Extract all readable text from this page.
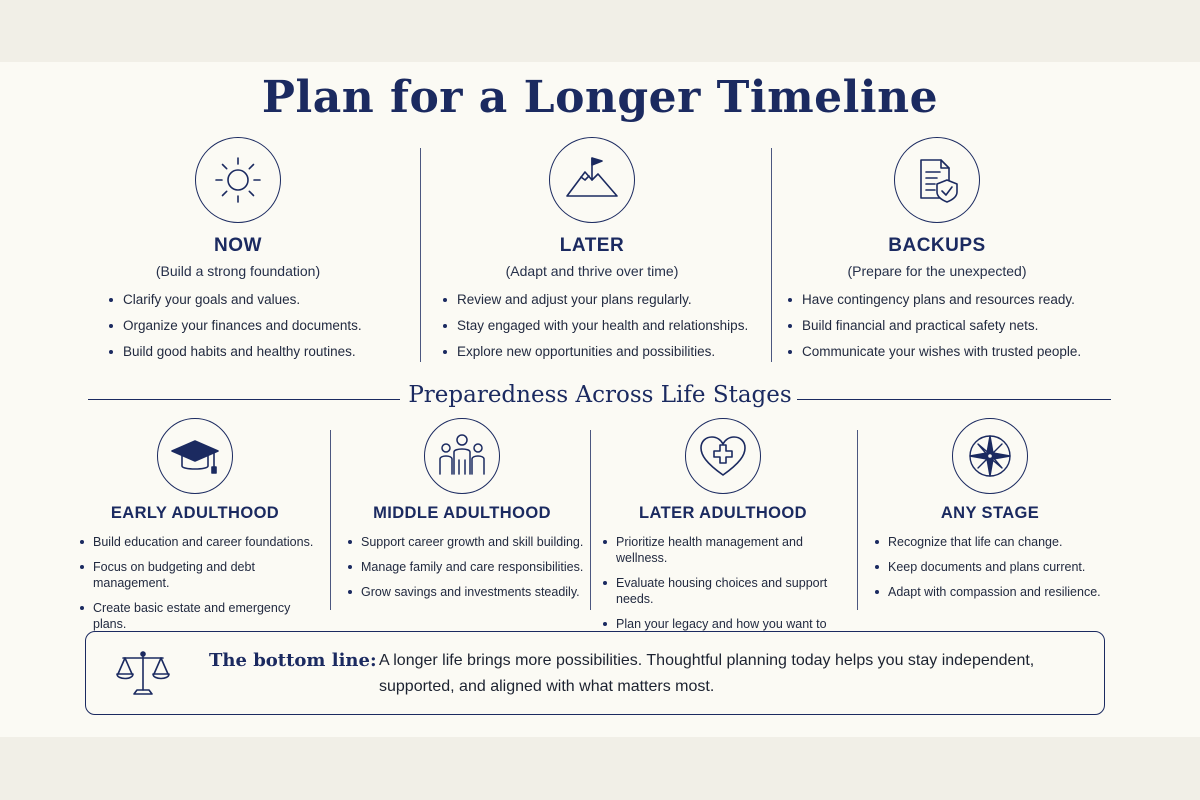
Plan for a Longer Timeline
NOW
(Build a strong foundation)
Clarify your goals and values.
Organize your finances and documents.
Build good habits and healthy routines.
LATER
(Adapt and thrive over time)
Review and adjust your plans regularly.
Stay engaged with your health and relationships.
Explore new opportunities and possibilities.
BACKUPS
(Prepare for the unexpected)
Have contingency plans and resources ready.
Build financial and practical safety nets.
Communicate your wishes with trusted people.
Preparedness Across Life Stages
EARLY ADULTHOOD
Build education and career foundations.
Focus on budgeting and debt management.
Create basic estate and emergency plans.
MIDDLE ADULTHOOD
Support career growth and skill building.
Manage family and care responsibilities.
Grow savings and investments steadily.
LATER ADULTHOOD
Prioritize health management and wellness.
Evaluate housing choices and support needs.
Plan your legacy and how you want to
ANY STAGE
Recognize that life can change.
Keep documents and plans current.
Adapt with compassion and resilience.
The bottom line: A longer life brings more possibilities. Thoughtful planning today helps you stay independent, supported, and aligned with what matters most.
